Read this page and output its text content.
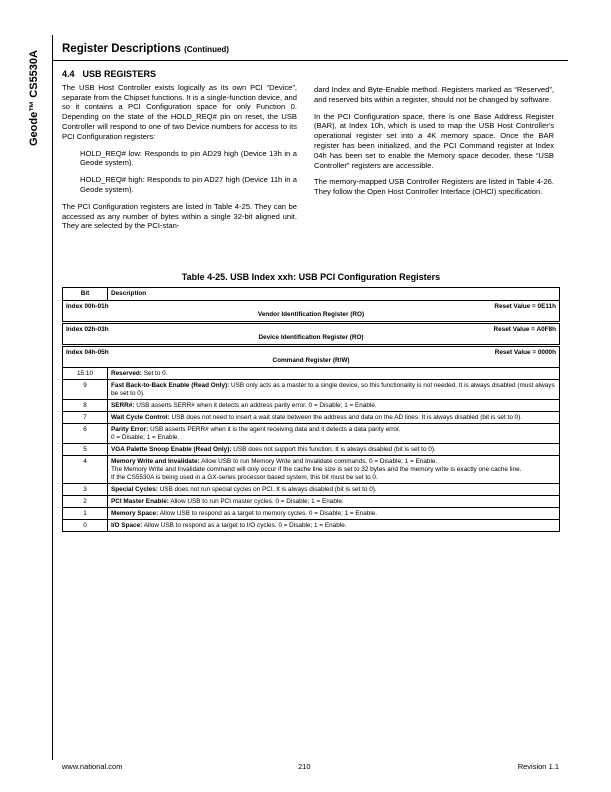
Geode™ CS5530A
Register Descriptions (Continued)
4.4 USB REGISTERS

The USB Host Controller exists logically as its own PCI “Device”, separate from the Chipset functions. It is a single-function device, and so it contains a PCI Configuration space for only Function 0. Depending on the state of the HOLD_REQ# pin on reset, the USB Controller will respond to one of two Device numbers for access to its PCI Configuration registers:

HOLD_REQ# low: Responds to pin AD29 high (Device 13h in a Geode system).

HOLD_REQ# high: Responds to pin AD27 high (Device 11h in a Geode system).

The PCI Configuration registers are listed in Table 4-25. They can be accessed as any number of bytes within a single 32-bit aligned unit. They are selected by the PCI-stan-

dard Index and Byte-Enable method. Registers marked as “Reserved”, and reserved bits within a register, should not be changed by software.

In the PCI Configuration space, there is one Base Address Register (BAR), at Index 10h, which is used to map the USB Host Controller's operational register set into a 4K memory space. Once the BAR register has been initialized, and the PCI Command register at Index 04h has been set to enable the Memory space decoder, these “USB Controller” registers are accessible.

The memory-mapped USB Controller Registers are listed in Table 4-26. They follow the Open Host Controller Interface (OHCI) specification.

Table 4-25. USB Index xxh: USB PCI Configuration Registers
Bit	Description

Index 00h-01h Reset Value = 0E11h
Vendor Identification Register (RO)	

Index 02h-03h Reset Value = A0F8h
Device Identification Register (RO)	

Index 04h-05h Reset Value = 0000h
Command Register (R/W)	
15:10	Reserved: Set to 0.

9	Fast Back-to-Back Enable (Read Only): USB only acts as a master to a single device, so this functionality is not needed. It is always disabled (must always be set to 0).

8	SERR#: USB asserts SERR# when it detects an address parity error. 0 = Disable; 1 = Enable.

7	Wait Cycle Control: USB does not need to insert a wait state between the address and data on the AD lines. It is always disabled (bit is set to 0).

6	Parity Error: USB asserts PERR# when it is the agent receiving data and it detects a data parity error.
0 = Disable; 1 = Enable.

5	VGA Palette Snoop Enable (Read Only): USB does not support this function. It is always disabled (bit is set to 0).

4	Memory Write and Invalidate: Allow USB to run Memory Write and Invalidate commands. 0 = Disable; 1 = Enable.
The Memory Write and Invalidate command will only occur if the cache line size is set to 32 bytes and the memory write is exactly one cache line.
If the CS5530A is being used in a GX-series processor based system, this bit must be set to 0.

3	Special Cycles: USB does not run special cycles on PCI. It is always disabled (bit is set to 0).

2	PCI Master Enable: Allow USB to run PCI master cycles. 0 = Disable; 1 = Enable.

1	Memory Space: Allow USB to respond as a target to memory cycles. 0 = Disable; 1 = Enable.

0	I/O Space: Allow USB to respond as a target to I/O cycles. 0 = Disable; 1 = Enable.
www.national.com	210	Revision 1.1
